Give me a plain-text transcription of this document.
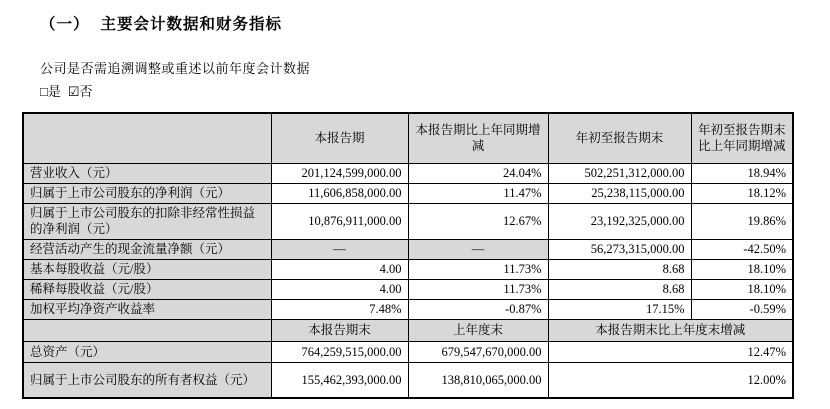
（一） 主要会计数据和财务指标

公司是否需追溯调整或重述以前年度会计数据

□是 ☑否

	本报告期	本报告期比上年同期增减	年初至报告期末	年初至报告期末比上年同期增减
营业收入（元）	201,124,599,000.00	24.04%	502,251,312,000.00	18.94%
归属于上市公司股东的净利润（元）	11,606,858,000.00	11.47%	25,238,115,000.00	18.12%
归属于上市公司股东的扣除非经常性损益的净利润（元）	10,876,911,000.00	12.67%	23,192,325,000.00	19.86%
经营活动产生的现金流量净额（元）	—	—	56,273,315,000.00	-42.50%
基本每股收益（元/股）	4.00	11.73%	8.68	18.10%
稀释每股收益（元/股）	4.00	11.73%	8.68	18.10%
加权平均净资产收益率	7.48%	-0.87%	17.15%	-0.59%
	本报告期末	上年度末	本报告期末比上年度末增减	
总资产（元）	764,259,515,000.00	679,547,670,000.00	12.47%	
归属于上市公司股东的所有者权益（元）	155,462,393,000.00	138,810,065,000.00	12.00%	
